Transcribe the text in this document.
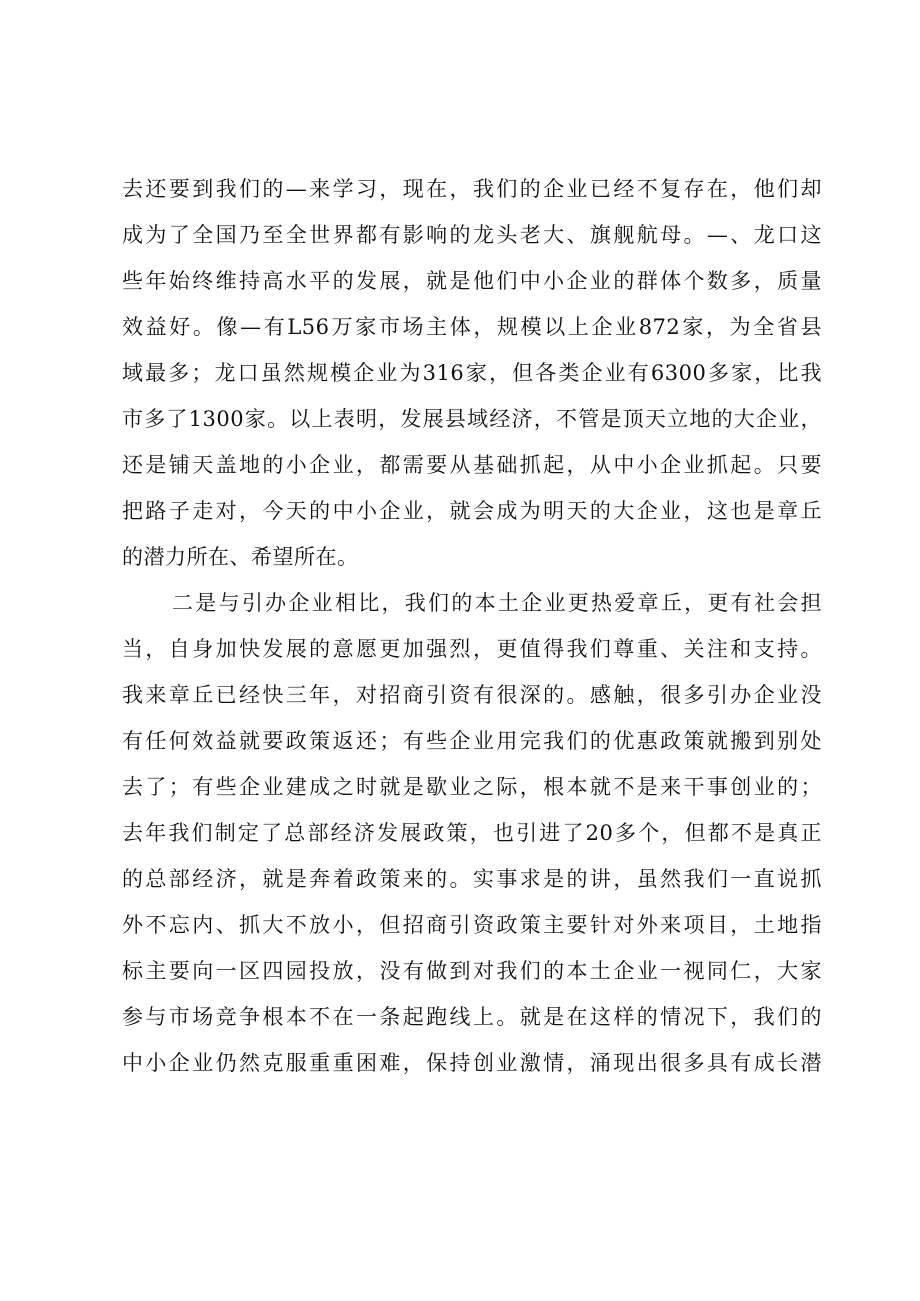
去还要到我们的—来学习，现在，我们的企业已经不复存在，他们却
成为了全国乃至全世界都有影响的龙头老大、旗舰航母。—、龙口这
些年始终维持高水平的发展，就是他们中小企业的群体个数多，质量
效益好。像—有L56万家市场主体，规模以上企业872家，为全省县
域最多；龙口虽然规模企业为316家，但各类企业有6300多家，比我
市多了1300家。以上表明，发展县域经济，不管是顶天立地的大企业，
还是铺天盖地的小企业，都需要从基础抓起，从中小企业抓起。只要
把路子走对，今天的中小企业，就会成为明天的大企业，这也是章丘
的潜力所在、希望所在。
二是与引办企业相比，我们的本土企业更热爱章丘，更有社会担
当，自身加快发展的意愿更加强烈，更值得我们尊重、关注和支持。
我来章丘已经快三年，对招商引资有很深的。感触，很多引办企业没
有任何效益就要政策返还；有些企业用完我们的优惠政策就搬到别处
去了；有些企业建成之时就是歇业之际，根本就不是来干事创业的；
去年我们制定了总部经济发展政策，也引进了20多个，但都不是真正
的总部经济，就是奔着政策来的。实事求是的讲，虽然我们一直说抓
外不忘内、抓大不放小，但招商引资政策主要针对外来项目，土地指
标主要向一区四园投放，没有做到对我们的本土企业一视同仁，大家
参与市场竞争根本不在一条起跑线上。就是在这样的情况下，我们的
中小企业仍然克服重重困难，保持创业激情，涌现出很多具有成长潜
